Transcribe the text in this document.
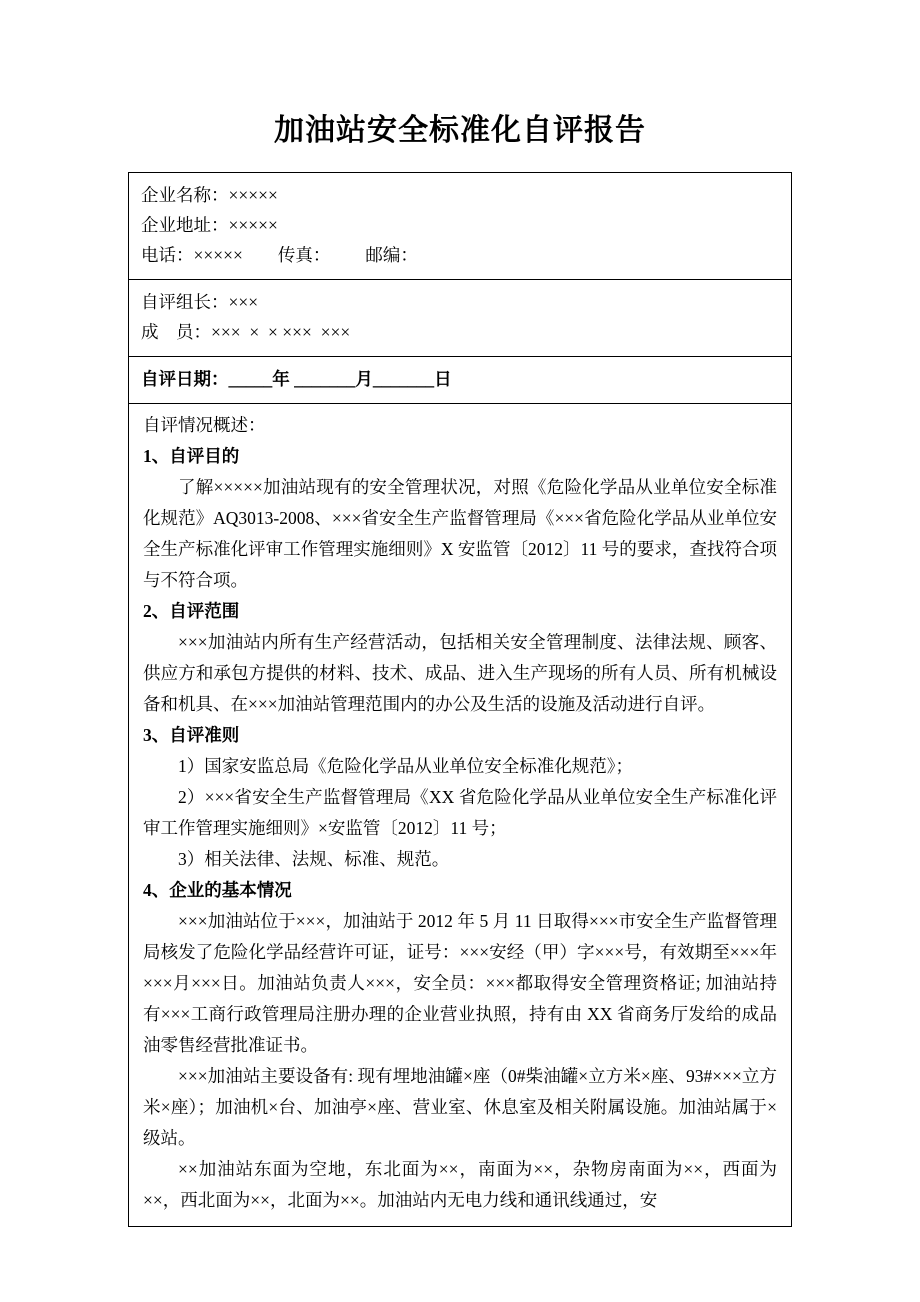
加油站安全标准化自评报告
企业名称：×××××
企业地址：×××××
电话：×××××        传真：        邮编：

自评组长：×××
成    员：×××  ×  × ×××  ×××

自评日期：_____年 _______月_______日

自评情况概述：

1、自评目的

了解×××××加油站现有的安全管理状况，对照《危险化学品从业单位安全标准化规范》AQ3013-2008、×××省安全生产监督管理局《×××省危险化学品从业单位安全生产标准化评审工作管理实施细则》X 安监管〔2012〕11 号的要求，查找符合项与不符合项。

2、自评范围

×××加油站内所有生产经营活动，包括相关安全管理制度、法律法规、顾客、供应方和承包方提供的材料、技术、成品、进入生产现场的所有人员、所有机械设备和机具、在×××加油站管理范围内的办公及生活的设施及活动进行自评。

3、自评准则

1）国家安监总局《危险化学品从业单位安全标准化规范》；

2）×××省安全生产监督管理局《XX 省危险化学品从业单位安全生产标准化评审工作管理实施细则》×安监管〔2012〕11 号；

3）相关法律、法规、标准、规范。

4、企业的基本情况

×××加油站位于×××，加油站于 2012 年 5 月 11 日取得×××市安全生产监督管理局核发了危险化学品经营许可证，证号：×××安经（甲）字×××号，有效期至×××年×××月×××日。加油站负责人×××，安全员：×××都取得安全管理资格证; 加油站持有×××工商行政管理局注册办理的企业营业执照，持有由 XX 省商务厅发给的成品油零售经营批准证书。

×××加油站主要设备有: 现有埋地油罐×座（0#柴油罐×立方米×座、93#×××立方米×座）；加油机×台、加油亭×座、营业室、休息室及相关附属设施。加油站属于×级站。

××加油站东面为空地，东北面为××，南面为××，杂物房南面为××，西面为××，西北面为××，北面为××。加油站内无电力线和通讯线通过，安
